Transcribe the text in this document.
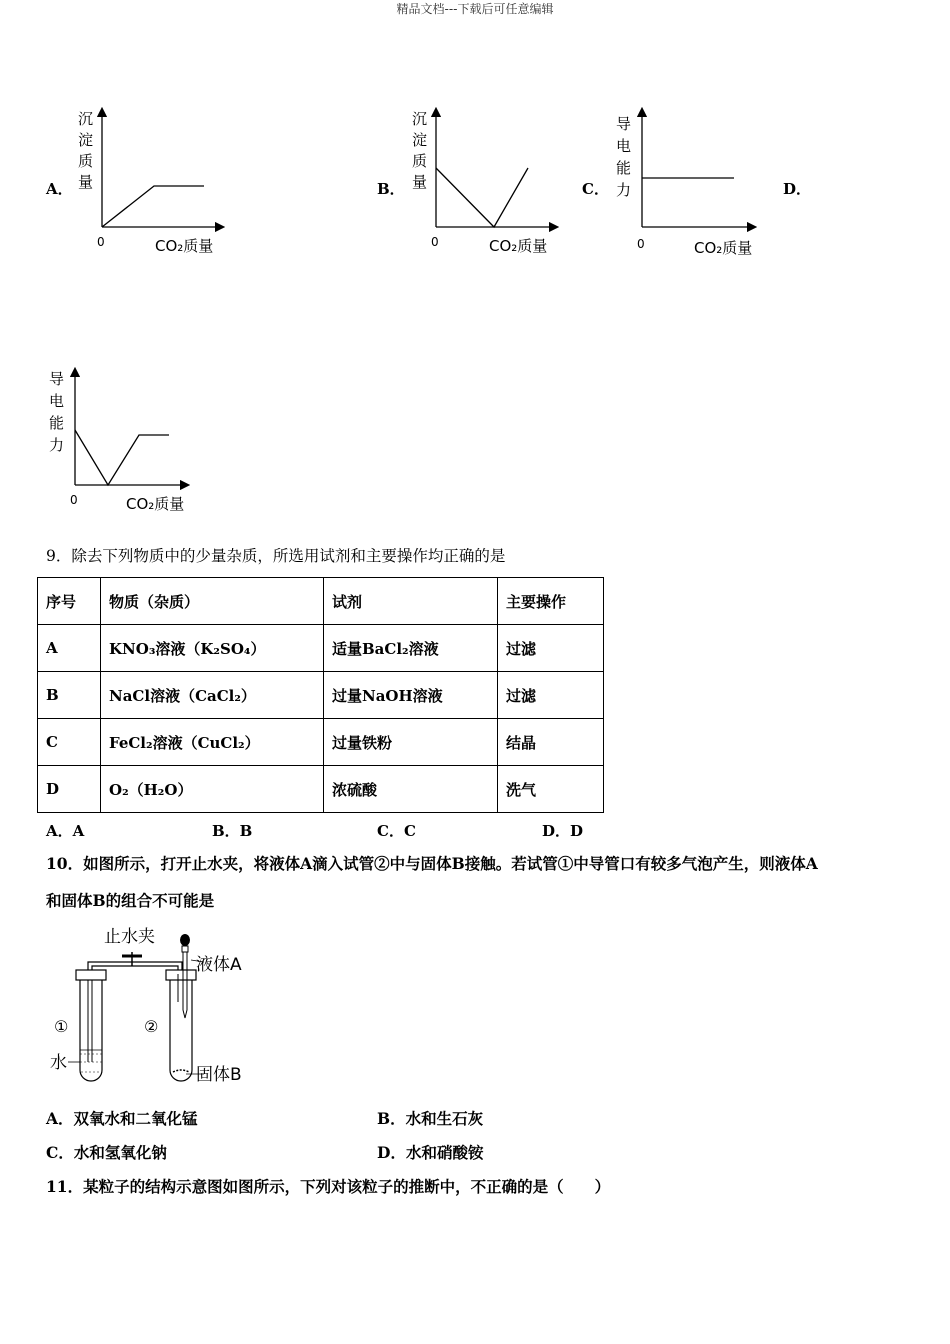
精品文档---下载后可任意编辑
A．	B．	C．	D．
沉
淀
质
量
0	CO₂质量
沉
淀
质
量
0	CO₂质量
导
电
能
力
0	CO₂质量
导
电
能
力
0	CO₂质量
9．除去下列物质中的少量杂质，所选用试剂和主要操作均正确的是
序号	物质（杂质）	试剂	主要操作
A	KNO₃溶液（K₂SO₄）	适量BaCl₂溶液	过滤
B	NaCl溶液（CaCl₂）	过量NaOH溶液	过滤
C	FeCl₂溶液（CuCl₂）	过量铁粉	结晶
D	O₂（H₂O）	浓硫酸	洗气
A．A	B．B	C．C	D．D
10．如图所示，打开止水夹，将液体A滴入试管②中与固体B接触。若试管①中导管口有较多气泡产生，则液体A
和固体B的组合不可能是
止水夹
液体A
①	②
水
固体B
A．双氧水和二氧化锰	B．水和生石灰
C．水和氢氧化钠	D．水和硝酸铵
11．某粒子的结构示意图如图所示，下列对该粒子的推断中，不正确的是（　　）
